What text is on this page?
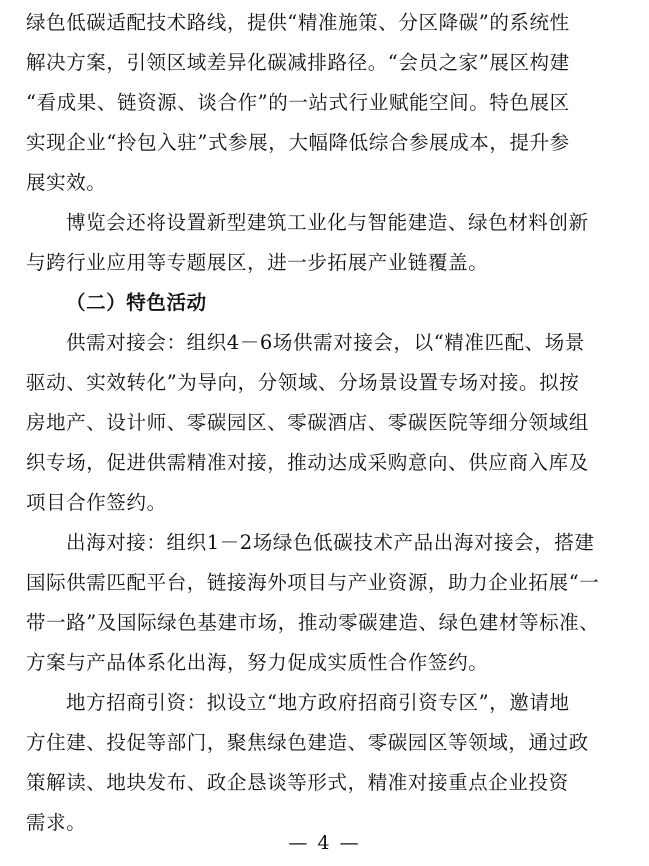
绿色低碳适配技术路线，提供“精准施策、分区降碳”的系统性
解决方案，引领区域差异化碳减排路径。“会员之家”展区构建
“看成果、链资源、谈合作”的一站式行业赋能空间。特色展区
实现企业“拎包入驻”式参展，大幅降低综合参展成本，提升参
展实效。
博览会还将设置新型建筑工业化与智能建造、绿色材料创新
与跨行业应用等专题展区，进一步拓展产业链覆盖。
（二）特色活动
供需对接会：组织4－6场供需对接会，以“精准匹配、场景
驱动、实效转化”为导向，分领域、分场景设置专场对接。拟按
房地产、设计师、零碳园区、零碳酒店、零碳医院等细分领域组
织专场，促进供需精准对接，推动达成采购意向、供应商入库及
项目合作签约。
出海对接：组织1－2场绿色低碳技术产品出海对接会，搭建
国际供需匹配平台，链接海外项目与产业资源，助力企业拓展“一
带一路”及国际绿色基建市场，推动零碳建造、绿色建材等标准、
方案与产品体系化出海，努力促成实质性合作签约。
地方招商引资：拟设立“地方政府招商引资专区”，邀请地
方住建、投促等部门，聚焦绿色建造、零碳园区等领域，通过政
策解读、地块发布、政企恳谈等形式，精准对接重点企业投资
需求。
— 4 —
